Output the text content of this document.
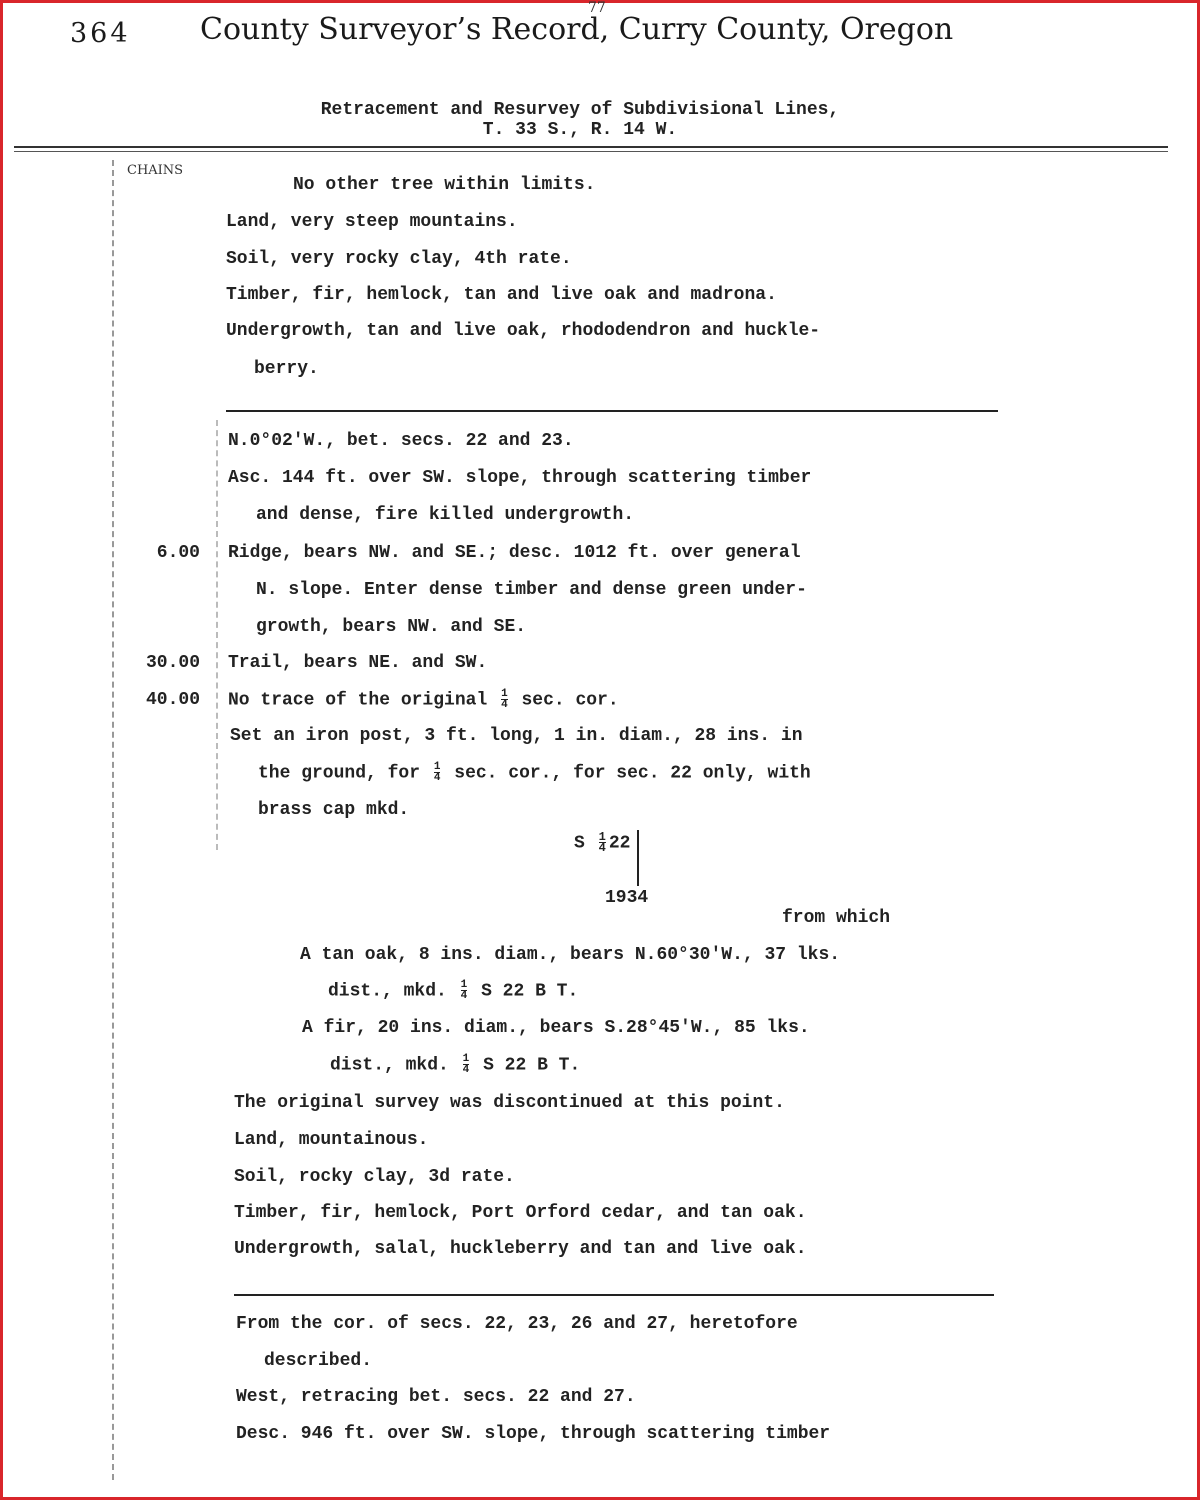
364 County Surveyor’s Record, Curry County, Oregon
77
Retracement and Resurvey of Subdivisional Lines,
T. 33 S., R. 14 W.
CHAINS
No other tree within limits.
Land, very steep mountains.
Soil, very rocky clay, 4th rate.
Timber, fir, hemlock, tan and live oak and madrona.
Undergrowth, tan and live oak, rhododendron and huckle-
berry.
N.0°02'W., bet. secs. 22 and 23.
Asc. 144 ft. over SW. slope, through scattering timber
and dense, fire killed undergrowth.
6.00 Ridge, bears NW. and SE.; desc. 1012 ft. over general
N. slope. Enter dense timber and dense green under-
growth, bears NW. and SE.
30.00 Trail, bears NE. and SW.
40.00 No trace of the original $\frac{1}{4} \sec$. cor.
Set an iron post, 3 ft. long, 1 in. diam., 28 ins. in
the ground, for $\frac{1}{4} \sec$. cor., for sec. 22 only, with
brass cap mkd.
S $\frac{1}{4} 22$
1934
from which
A tan oak, 8 ins. diam., bears N.60°30'W., 37 lks.
dist., mkd. $\frac{1}{4}$ S 22 B T.
A fir, 20 ins. diam., bears S.28°45'W., 85 lks.
dist., mkd. $\frac{1}{4}$ S 22 B T.
The original survey was discontinued at this point.
Land, mountainous.
Soil, rocky clay, 3d rate.
Timber, fir, hemlock, Port Orford cedar, and tan oak.
Undergrowth, salal, huckleberry and tan and live oak.
From the cor. of secs. 22, 23, 26 and 27, heretofore
described.
West, retracing bet. secs. 22 and 27.
Desc. 946 ft. over SW. slope, through scattering timber
